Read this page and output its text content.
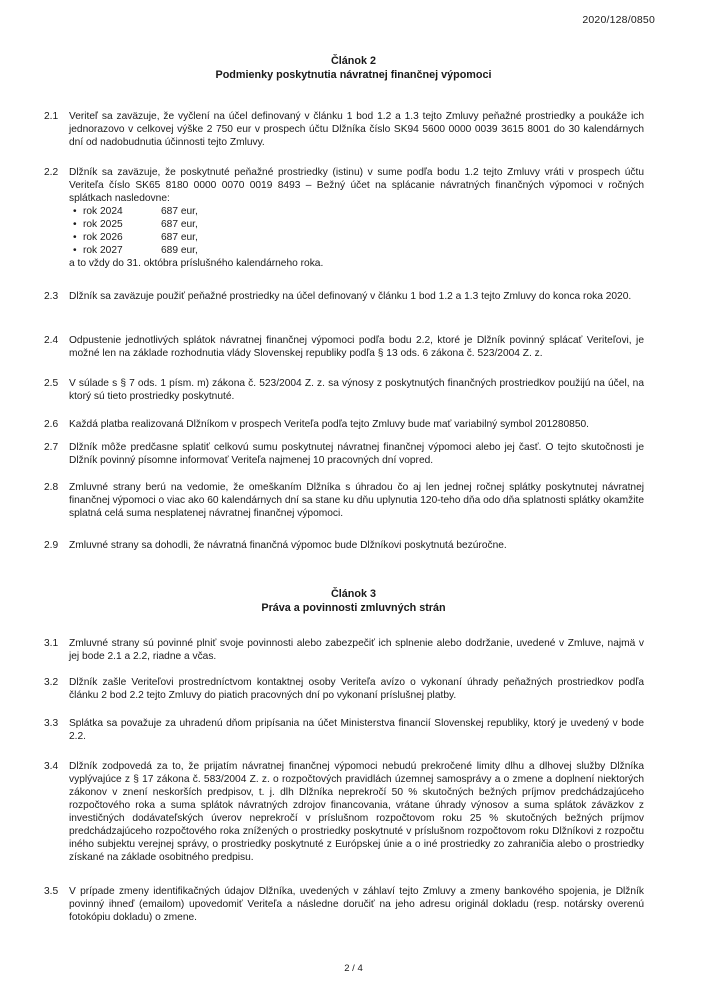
2020/128/0850
Článok 2
Podmienky poskytnutia návratnej finančnej výpomoci
2.1	Veriteľ sa zaväzuje, že vyčlení na účel definovaný v článku 1 bod 1.2 a 1.3 tejto Zmluvy peňažné prostriedky a poukáže ich jednorazovo v celkovej výške 2 750 eur v prospech účtu Dlžníka číslo SK94 5600 0000 0039 3615 8001 do 30 kalendárnych dní od nadobudnutia účinnosti tejto Zmluvy.
2.2	Dlžník sa zaväzuje, že poskytnuté peňažné prostriedky (istinu) v sume podľa bodu 1.2 tejto Zmluvy vráti v prospech účtu Veriteľa číslo SK65 8180 0000 0070 0019 8493 – Bežný účet na splácanie návratných finančných výpomoci v ročných splátkach nasledovne:

• rok 2024	687 eur,
• rok 2025	687 eur,
• rok 2026	687 eur,
• rok 2027	689 eur,

a to vždy do 31. októbra príslušného kalendárneho roka.

2.3	Dlžník sa zaväzuje použiť peňažné prostriedky na účel definovaný v článku 1 bod 1.2 a 1.3 tejto Zmluvy do konca roka 2020.
2.4	Odpustenie jednotlivých splátok návratnej finančnej výpomoci podľa bodu 2.2, ktoré je Dlžník povinný splácať Veriteľovi, je možné len na základe rozhodnutia vlády Slovenskej republiky podľa § 13 ods. 6 zákona č. 523/2004 Z. z.
2.5	V súlade s § 7 ods. 1 písm. m) zákona č. 523/2004 Z. z. sa výnosy z poskytnutých finančných prostriedkov použijú na účel, na ktorý sú tieto prostriedky poskytnuté.
2.6	Každá platba realizovaná Dlžníkom v prospech Veriteľa podľa tejto Zmluvy bude mať variabilný symbol 201280850.
2.7	Dlžník môže predčasne splatiť celkovú sumu poskytnutej návratnej finančnej výpomoci alebo jej časť. O tejto skutočnosti je Dlžník povinný písomne informovať Veriteľa najmenej 10 pracovných dní vopred.
2.8	Zmluvné strany berú na vedomie, že omeškaním Dlžníka s úhradou čo aj len jednej ročnej splátky poskytnutej návratnej finančnej výpomoci o viac ako 60 kalendárnych dní sa stane ku dňu uplynutia 120-teho dňa odo dňa splatnosti splátky okamžite splatná celá suma nesplatenej návratnej finančnej výpomoci.
2.9	Zmluvné strany sa dohodli, že návratná finančná výpomoc bude Dlžníkovi poskytnutá bezúročne.
Článok 3
Práva a povinnosti zmluvných strán
3.1	Zmluvné strany sú povinné plniť svoje povinnosti alebo zabezpečiť ich splnenie alebo dodržanie, uvedené v Zmluve, najmä v jej bode 2.1 a 2.2, riadne a včas.
3.2	Dlžník zašle Veriteľovi prostredníctvom kontaktnej osoby Veriteľa avízo o vykonaní úhrady peňažných prostriedkov podľa článku 2 bod 2.2 tejto Zmluvy do piatich pracovných dní po vykonaní príslušnej platby.
3.3	Splátka sa považuje za uhradenú dňom pripísania na účet Ministerstva financií Slovenskej republiky, ktorý je uvedený v bode 2.2.
3.4	Dlžník zodpovedá za to, že prijatím návratnej finančnej výpomoci nebudú prekročené limity dlhu a dlhovej služby Dlžníka vyplývajúce z § 17 zákona č. 583/2004 Z. z. o rozpočtových pravidlách územnej samosprávy a o zmene a doplnení niektorých zákonov v znení neskorších predpisov, t. j. dlh Dlžníka neprekročí 50 % skutočných bežných príjmov predchádzajúceho rozpočtového roka a suma splátok návratných zdrojov financovania, vrátane úhrady výnosov a suma splátok záväzkov z investičných dodávateľských úverov neprekročí v príslušnom rozpočtovom roku 25 % skutočných bežných príjmov predchádzajúceho rozpočtového roka znížených o prostriedky poskytnuté v príslušnom rozpočtovom roku Dlžníkovi z rozpočtu iného subjektu verejnej správy, o prostriedky poskytnuté z Európskej únie a o iné prostriedky zo zahraničia alebo o prostriedky získané na základe osobitného predpisu.
3.5	V prípade zmeny identifikačných údajov Dlžníka, uvedených v záhlaví tejto Zmluvy a zmeny bankového spojenia, je Dlžník povinný ihneď (emailom) upovedomiť Veriteľa a následne doručiť na jeho adresu originál dokladu (resp. notársky overenú fotokópiu dokladu) o zmene.
2 / 4
